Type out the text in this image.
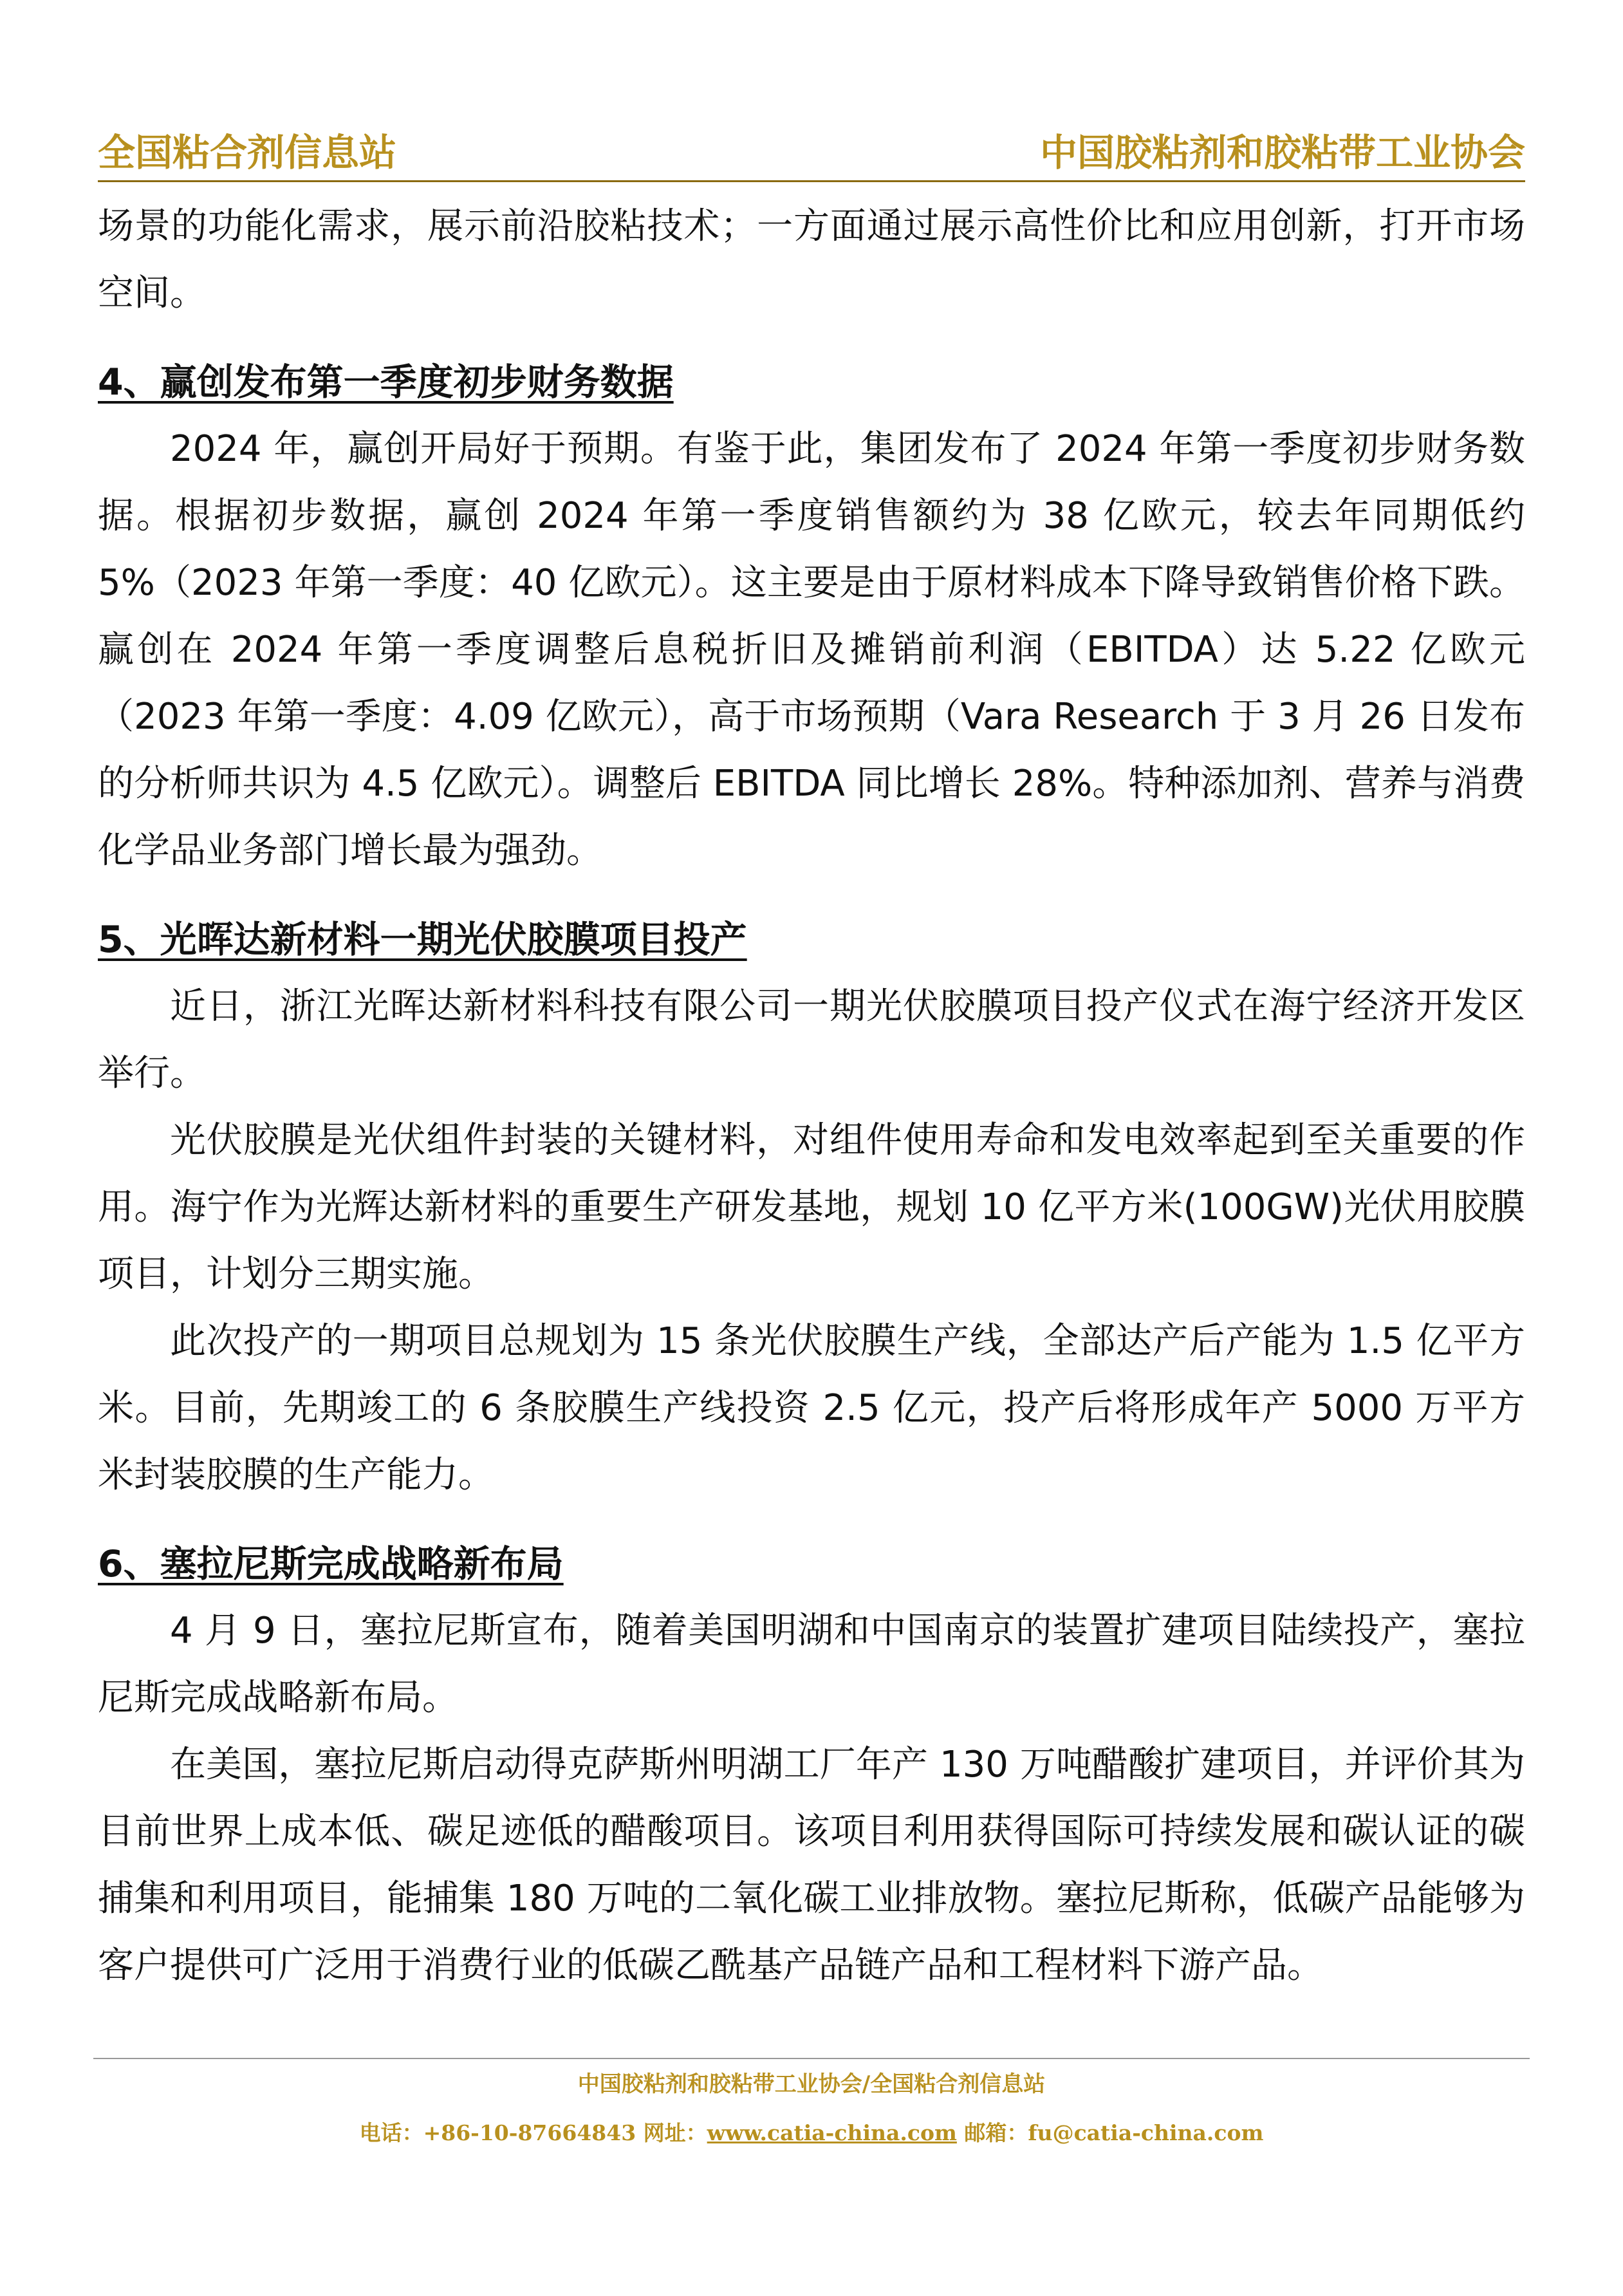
全国粘合剂信息站	中国胶粘剂和胶粘带工业协会

场景的功能化需求，展示前沿胶粘技术；一方面通过展示高性价比和应用创新，打开市场空间。

4、赢创发布第一季度初步财务数据

2024 年，赢创开局好于预期。有鉴于此，集团发布了 2024 年第一季度初步财务数据。根据初步数据，赢创 2024 年第一季度销售额约为 38 亿欧元，较去年同期低约5%（2023 年第一季度：40 亿欧元）。这主要是由于原材料成本下降导致销售价格下跌。赢创在 2024 年第一季度调整后息税折旧及摊销前利润（EBITDA）达 5.22 亿欧元（2023 年第一季度：4.09 亿欧元），高于市场预期（Vara Research 于 3 月 26 日发布的分析师共识为 4.5 亿欧元）。调整后 EBITDA 同比增长 28%。特种添加剂、营养与消费化学品业务部门增长最为强劲。

5、光晖达新材料一期光伏胶膜项目投产

近日，浙江光晖达新材料科技有限公司一期光伏胶膜项目投产仪式在海宁经济开发区举行。

光伏胶膜是光伏组件封装的关键材料，对组件使用寿命和发电效率起到至关重要的作用。海宁作为光辉达新材料的重要生产研发基地，规划 10 亿平方米(100GW)光伏用胶膜项目，计划分三期实施。

此次投产的一期项目总规划为 15 条光伏胶膜生产线，全部达产后产能为 1.5 亿平方米。目前，先期竣工的 6 条胶膜生产线投资 2.5 亿元，投产后将形成年产 5000 万平方米封装胶膜的生产能力。

6、塞拉尼斯完成战略新布局

4 月 9 日，塞拉尼斯宣布，随着美国明湖和中国南京的装置扩建项目陆续投产，塞拉尼斯完成战略新布局。

在美国，塞拉尼斯启动得克萨斯州明湖工厂年产 130 万吨醋酸扩建项目，并评价其为目前世界上成本低、碳足迹低的醋酸项目。该项目利用获得国际可持续发展和碳认证的碳捕集和利用项目，能捕集 180 万吨的二氧化碳工业排放物。塞拉尼斯称，低碳产品能够为客户提供可广泛用于消费行业的低碳乙酰基产品链产品和工程材料下游产品。

中国胶粘剂和胶粘带工业协会/全国粘合剂信息站
电话：+86-10-87664843 网址：www.catia-china.com 邮箱：fu@catia-china.com
